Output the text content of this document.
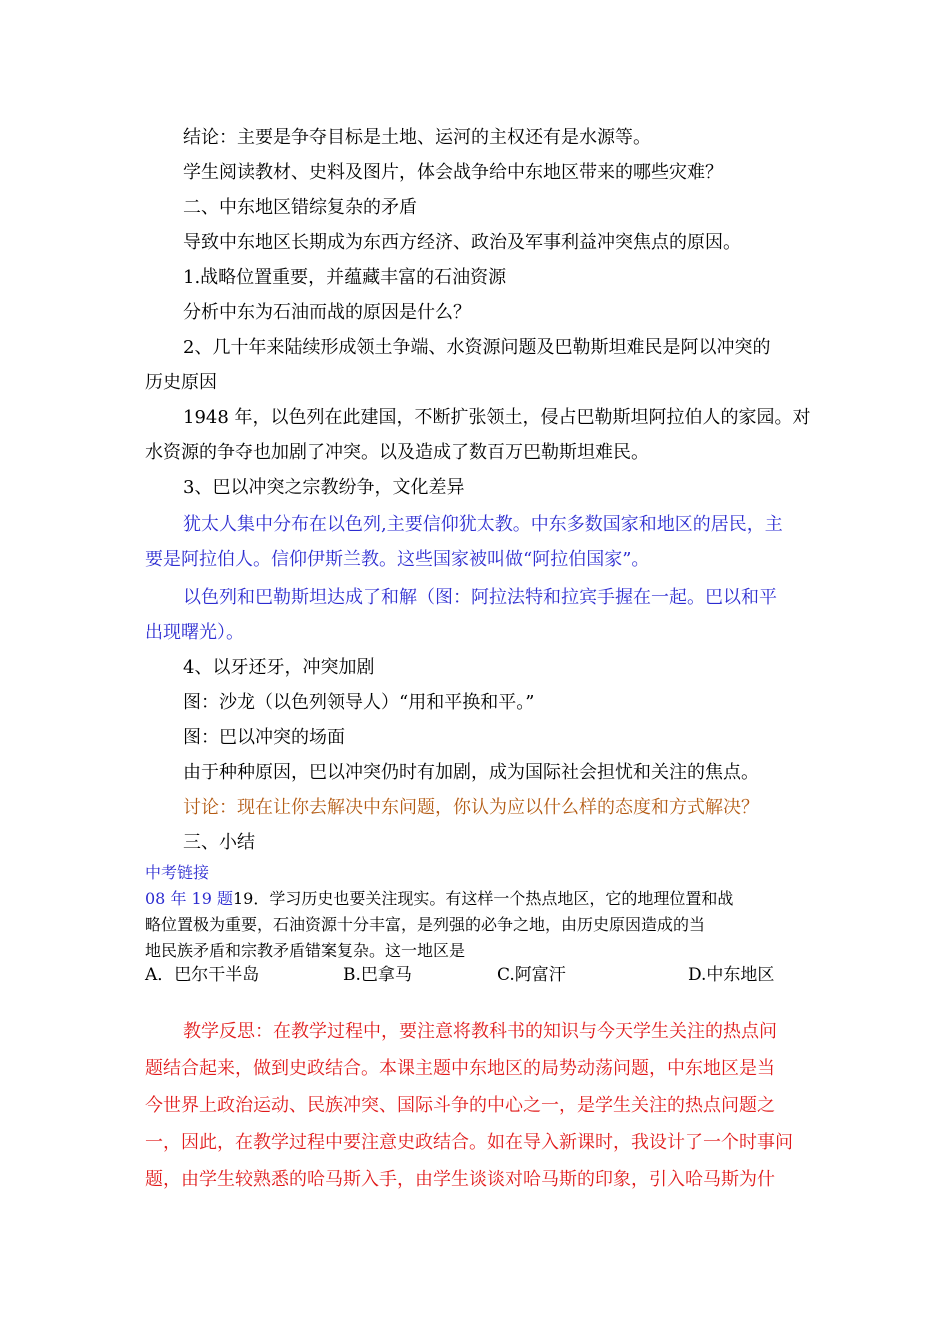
结论：主要是争夺目标是土地、运河的主权还有是水源等。

学生阅读教材、史料及图片，体会战争给中东地区带来的哪些灾难？

二、中东地区错综复杂的矛盾

导致中东地区长期成为东西方经济、政治及军事利益冲突焦点的原因。

1.战略位置重要，并蕴藏丰富的石油资源

分析中东为石油而战的原因是什么？

2、几十年来陆续形成领土争端、水资源问题及巴勒斯坦难民是阿以冲突的

历史原因

1948 年，以色列在此建国，不断扩张领土，侵占巴勒斯坦阿拉伯人的家园。对

水资源的争夺也加剧了冲突。以及造成了数百万巴勒斯坦难民。

3、巴以冲突之宗教纷争，文化差异

犹太人集中分布在以色列,主要信仰犹太教。中东多数国家和地区的居民，主

要是阿拉伯人。信仰伊斯兰教。这些国家被叫做“阿拉伯国家”。

以色列和巴勒斯坦达成了和解（图：阿拉法特和拉宾手握在一起。巴以和平

出现曙光）。

4、以牙还牙，冲突加剧

图：沙龙（以色列领导人）“用和平换和平。”

图：巴以冲突的场面

由于种种原因，巴以冲突仍时有加剧，成为国际社会担忧和关注的焦点。

讨论：现在让你去解决中东问题，你认为应以什么样的态度和方式解决？

三、小结

中考链接

08 年 19 题19．学习历史也要关注现实。有这样一个热点地区，它的地理位置和战

略位置极为重要，石油资源十分丰富，是列强的必争之地，由历史原因造成的当

地民族矛盾和宗教矛盾错案复杂。这一地区是

A．巴尔干半岛	B.巴拿马	C.阿富汗	D.中东地区

教学反思：在教学过程中，要注意将教科书的知识与今天学生关注的热点问

题结合起来，做到史政结合。本课主题中东地区的局势动荡问题，中东地区是当

今世界上政治运动、民族冲突、国际斗争的中心之一，是学生关注的热点问题之

一，因此，在教学过程中要注意史政结合。如在导入新课时，我设计了一个时事问

题，由学生较熟悉的哈马斯入手，由学生谈谈对哈马斯的印象，引入哈马斯为什
